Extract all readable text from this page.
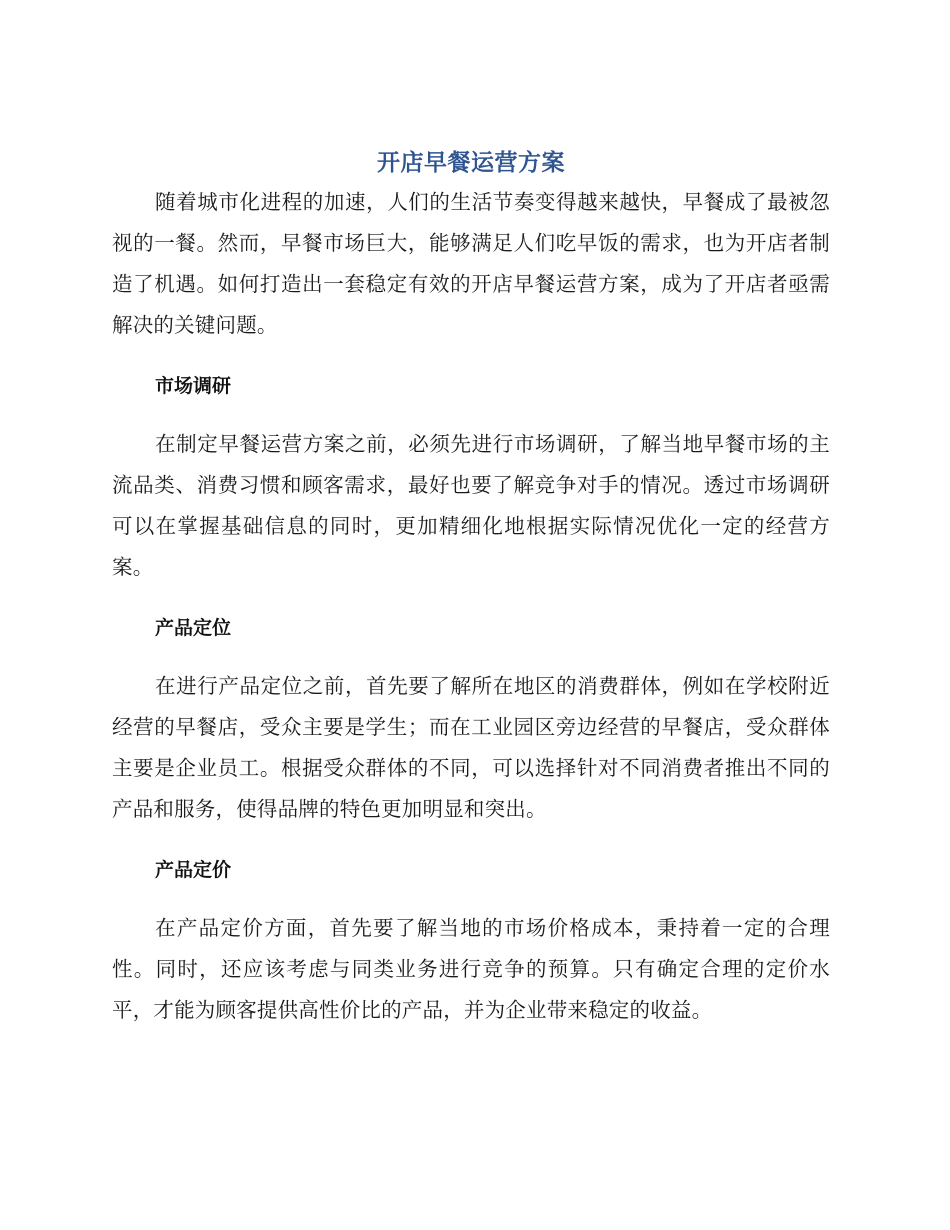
开店早餐运营方案

随着城市化进程的加速，人们的生活节奏变得越来越快，早餐成了最被忽视的一餐。然而，早餐市场巨大，能够满足人们吃早饭的需求，也为开店者制造了机遇。如何打造出一套稳定有效的开店早餐运营方案，成为了开店者亟需解决的关键问题。

市场调研

在制定早餐运营方案之前，必须先进行市场调研，了解当地早餐市场的主流品类、消费习惯和顾客需求，最好也要了解竞争对手的情况。透过市场调研可以在掌握基础信息的同时，更加精细化地根据实际情况优化一定的经营方案。

产品定位

在进行产品定位之前，首先要了解所在地区的消费群体，例如在学校附近经营的早餐店，受众主要是学生；而在工业园区旁边经营的早餐店，受众群体主要是企业员工。根据受众群体的不同，可以选择针对不同消费者推出不同的产品和服务，使得品牌的特色更加明显和突出。

产品定价

在产品定价方面，首先要了解当地的市场价格成本，秉持着一定的合理性。同时，还应该考虑与同类业务进行竞争的预算。只有确定合理的定价水平，才能为顾客提供高性价比的产品，并为企业带来稳定的收益。
